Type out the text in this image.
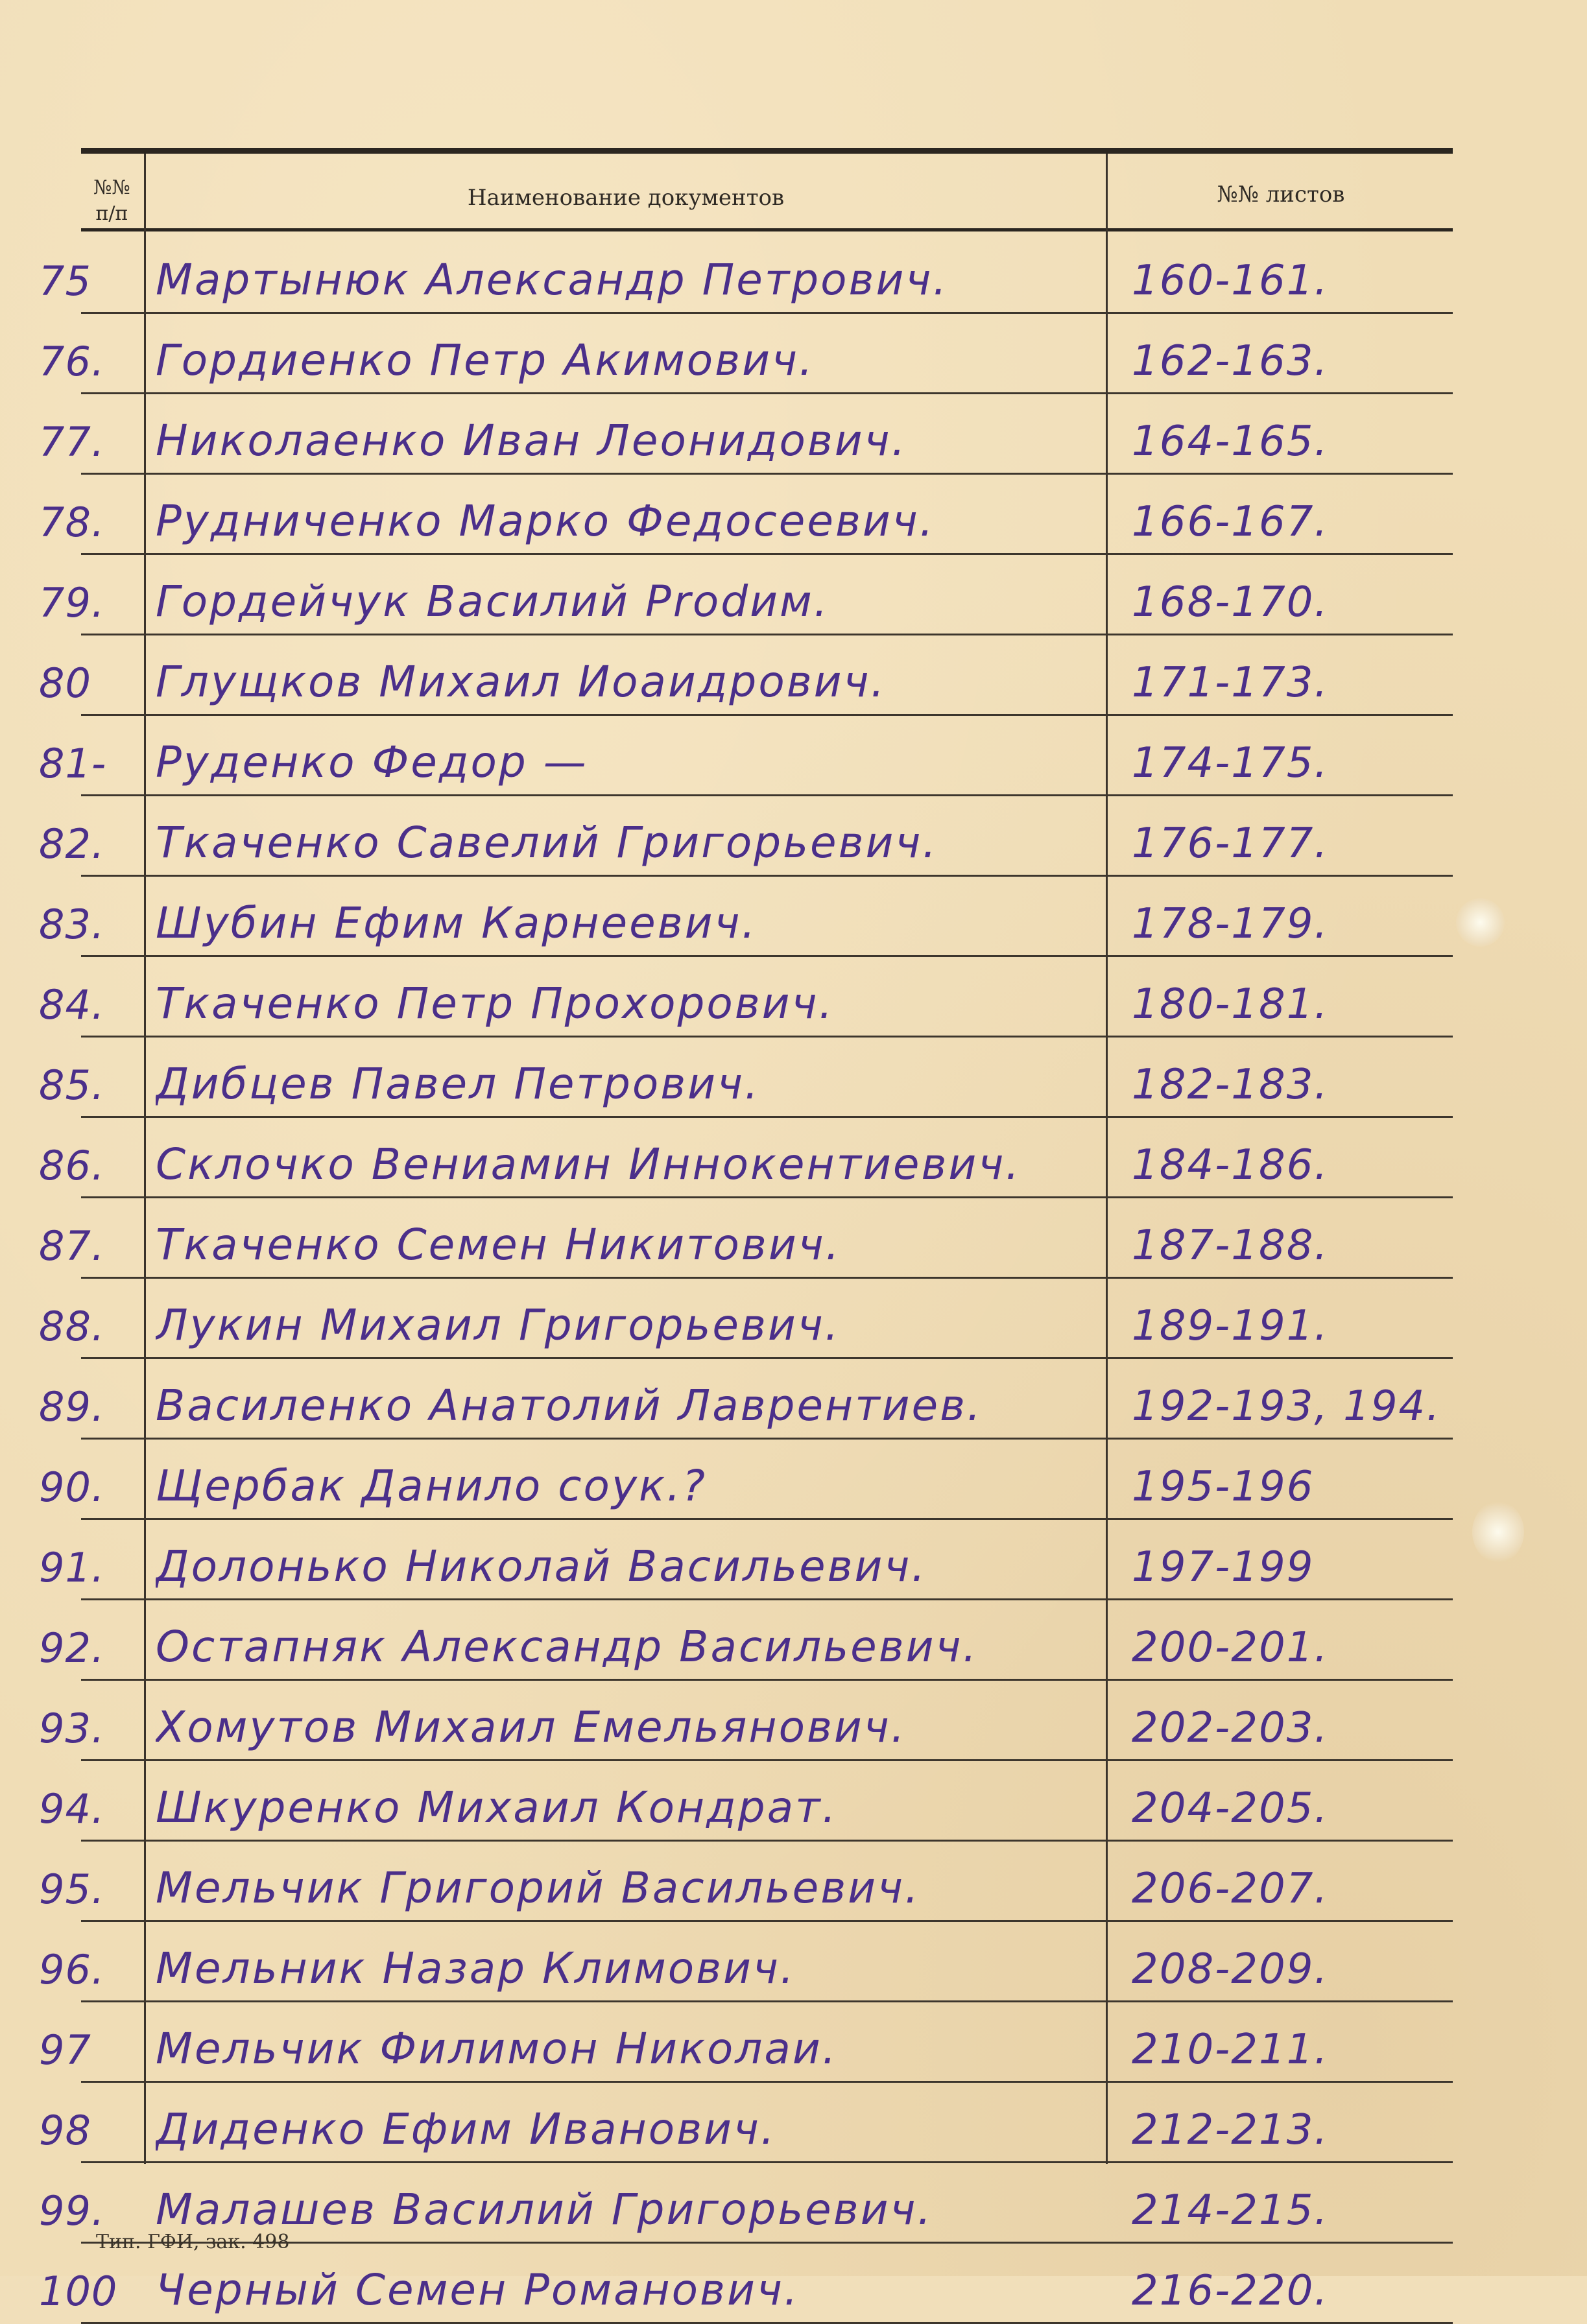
№№ п/п
Наименование документов	№№ листов
75	Мартынюк Александр Петрович.	160-161.
76.	Гордиенко Петр Акимович.	162-163.
77.	Николаенко Иван Леонидович.	164-165.
78.	Рудниченко Марко Федосеевич.	166-167.
79.	Гордейчук Василий Prodим.	168-170.
80	Глущков Михаил Иоаидрович.	171-173.
81-	Руденко Федор —	174-175.
82.	Ткаченко Савелий Григорьевич.	176-177.
83.	Шубин Ефим Карнеевич.	178-179.
84.	Ткаченко Петр Прохорович.	180-181.
85.	Дибцев Павел Петрович.	182-183.
86.	Склочко Вениамин Иннокентиевич.	184-186.
87.	Ткаченко Семен Никитович.	187-188.
88.	Лукин Михаил Григорьевич.	189-191.
89.	Василенко Анатолий Лаврентиев.	192-193, 194.
90.	Щербак Данило соук.?	195-196
91.	Долонько Николай Васильевич.	197-199
92.	Остапняк Александр Васильевич.	200-201.
93.	Хомутов Михаил Емельянович.	202-203.
94.	Шкуренко Михаил Кондрат.	204-205.
95.	Мельчик Григорий Васильевич.	206-207.
96.	Мельник Назар Климович.	208-209.
97	Мельчик Филимон Николаи.	210-211.
98	Диденко Ефим Иванович.	212-213.
99.	Малашев Василий Григорьевич.	214-215.
100 Черный Семен Романович.	216-220.
Тип. ГФИ, зак. 498
